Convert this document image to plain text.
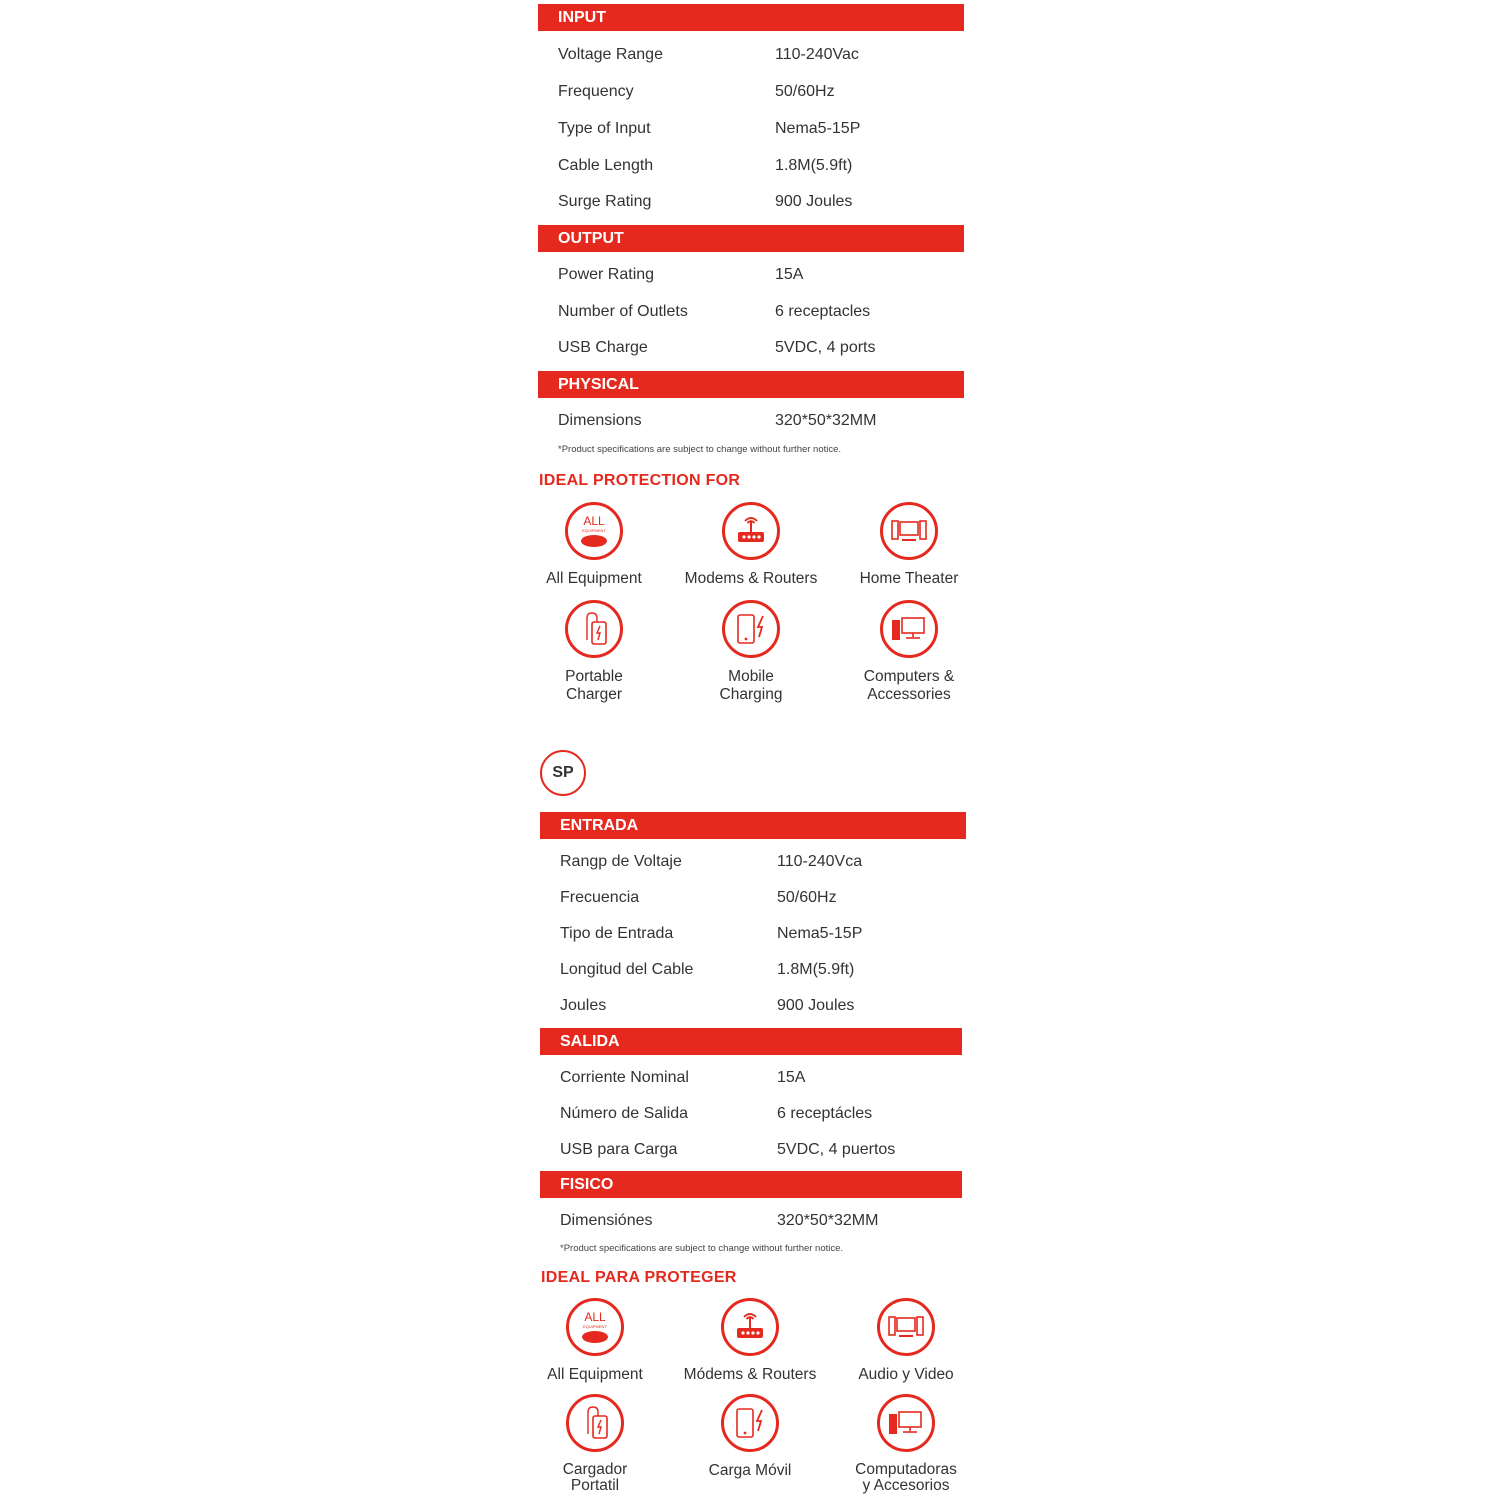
INPUT
Voltage Range	110-240Vac
Frequency	50/60Hz
Type of Input	Nema5-15P
Cable Length	1.8M(5.9ft)
Surge Rating	900 Joules
OUTPUT
Power Rating	15A
Number of Outlets	6 receptacles
USB Charge	5VDC, 4 ports
PHYSICAL
Dimensions	320*50*32MM
*Product specifications are subject to change without further notice.
IDEAL PROTECTION FOR
ALL
EQUIPMENT
All Equipment	Modems & Routers	Home Theater
Portable
Charger
Mobile
Charging
Computers &
Accessories
SP
ENTRADA
Rangp de Voltaje	110-240Vca
Frecuencia	50/60Hz
Tipo de Entrada	Nema5-15P
Longitud del Cable	1.8M(5.9ft)
Joules	900 Joules
SALIDA
Corriente Nominal	15A
Número de Salida	6 receptácles
USB para Carga	5VDC, 4 puertos
FISICO
Dimensiónes	320*50*32MM
*Product specifications are subject to change without further notice.
IDEAL PARA PROTEGER
ALL
EQUIPMENT
All Equipment	Módems & Routers	Audio y Video
Cargador
Portatil
Carga Móvil	Computadoras
y Accesorios
